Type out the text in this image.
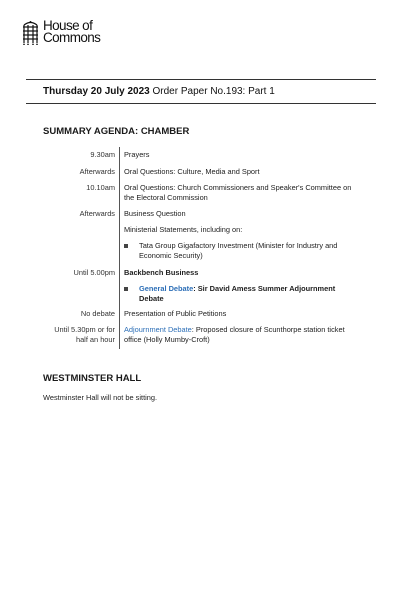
House of
Commons
Thursday 20 July 2023 Order Paper No.193: Part 1
SUMMARY AGENDA: CHAMBER
9.30am Prayers
Afterwards Oral Questions: Culture, Media and Sport
10.10am Oral Questions: Church Commissioners and Speaker's Committee on the Electoral Commission
Afterwards Business Question
Ministerial Statements, including on:
Tata Group Gigafactory Investment (Minister for Industry and Economic Security)
Until 5.00pm Backbench Business
General Debate: Sir David Amess Summer Adjournment Debate
No debate Presentation of Public Petitions
Until 5.30pm or for half an hour
Adjournment Debate: Proposed closure of Scunthorpe station ticket office (Holly Mumby-Croft)
WESTMINSTER HALL
Westminster Hall will not be sitting.
